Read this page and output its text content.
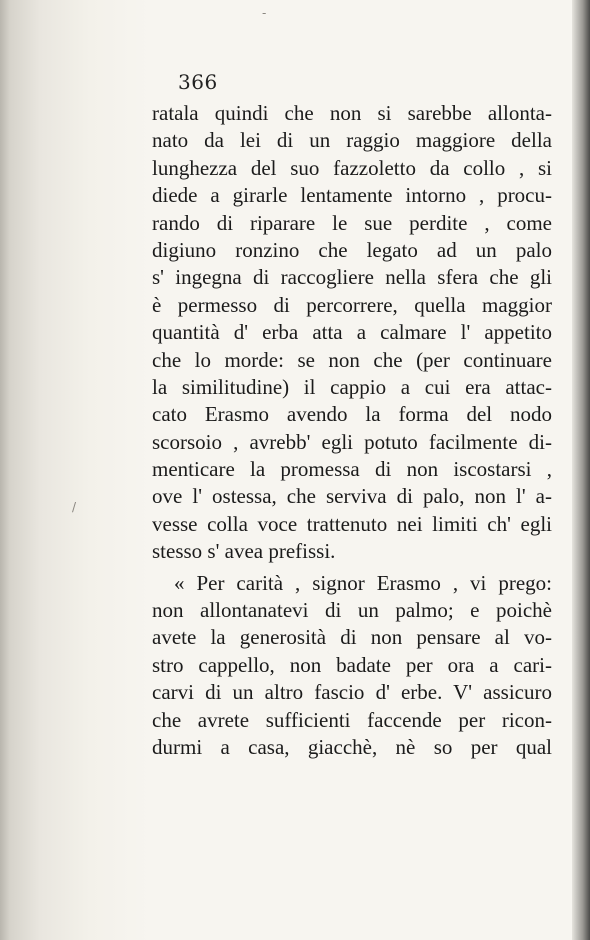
-
/
366
ratala quindi che non si sarebbe allonta-
nato da lei di un raggio maggiore della
lunghezza del suo fazzoletto da collo , si
diede a girarle lentamente intorno , procu-
rando di riparare le sue perdite , come
digiuno ronzino che legato ad un palo
s' ingegna di raccogliere nella sfera che gli
è permesso di percorrere, quella maggior
quantità d' erba atta a calmare l' appetito
che lo morde: se non che (per continuare
la similitudine) il cappio a cui era attac-
cato Erasmo avendo la forma del nodo
scorsoio , avrebb' egli potuto facilmente di-
menticare la promessa di non iscostarsi ,
ove l' ostessa, che serviva di palo, non l' a-
vesse colla voce trattenuto nei limiti ch' egli
stesso s' avea prefissi.
« Per carità , signor Erasmo , vi prego:
non allontanatevi di un palmo; e poichè
avete la generosità di non pensare al vo-
stro cappello, non badate per ora a cari-
carvi di un altro fascio d' erbe. V' assicuro
che avrete sufficienti faccende per ricon-
durmi a casa, giacchè, nè so per qual
